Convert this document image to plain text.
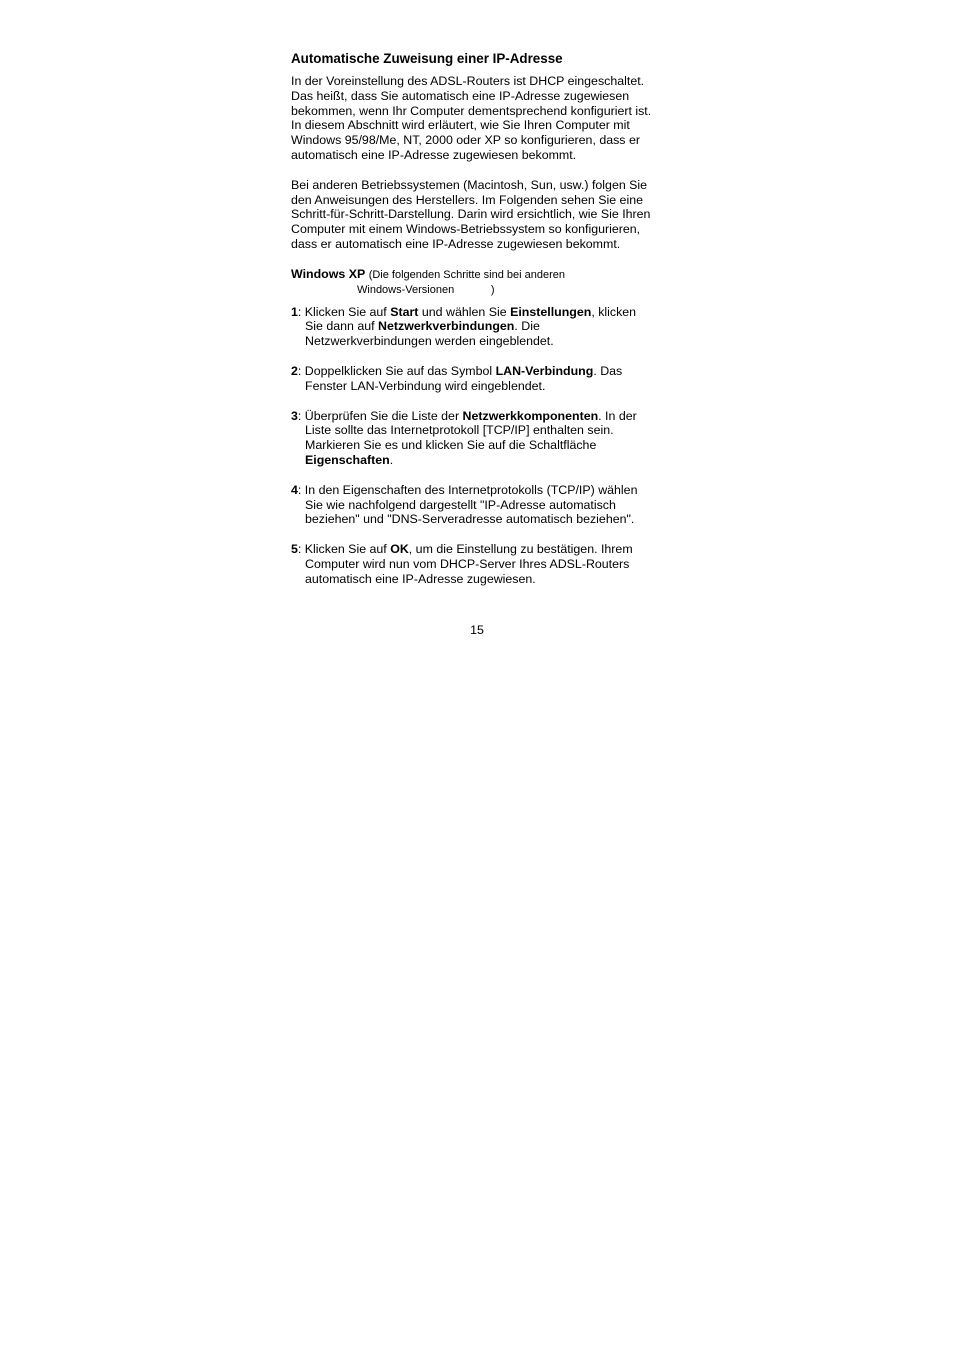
Automatische Zuweisung einer IP-Adresse
In der Voreinstellung des ADSL-Routers ist DHCP eingeschaltet.
Das heißt, dass Sie automatisch eine IP-Adresse zugewiesen
bekommen, wenn Ihr Computer dementsprechend konfiguriert ist.
In diesem Abschnitt wird erläutert, wie Sie Ihren Computer mit
Windows 95/98/Me, NT, 2000 oder XP so konfigurieren, dass er
automatisch eine IP-Adresse zugewiesen bekommt.
Bei anderen Betriebssystemen (Macintosh, Sun, usw.) folgen Sie
den Anweisungen des Herstellers. Im Folgenden sehen Sie eine
Schritt-für-Schritt-Darstellung. Darin wird ersichtlich, wie Sie Ihren
Computer mit einem Windows-Betriebssystem so konfigurieren,
dass er automatisch eine IP-Adresse zugewiesen bekommt.
Windows XP (Die folgenden Schritte sind bei anderen
Windows-Versionen            )
1: Klicken Sie auf Start und wählen Sie Einstellungen, klicken
Sie dann auf Netzwerkverbindungen. Die
Netzwerkverbindungen werden eingeblendet.
2: Doppelklicken Sie auf das Symbol LAN-Verbindung. Das
Fenster LAN-Verbindung wird eingeblendet.
3: Überprüfen Sie die Liste der Netzwerkkomponenten. In der
Liste sollte das Internetprotokoll [TCP/IP] enthalten sein.
Markieren Sie es und klicken Sie auf die Schaltfläche
Eigenschaften.
4: In den Eigenschaften des Internetprotokolls (TCP/IP) wählen
Sie wie nachfolgend dargestellt "IP-Adresse automatisch
beziehen" und "DNS-Serveradresse automatisch beziehen".
5: Klicken Sie auf OK, um die Einstellung zu bestätigen. Ihrem
Computer wird nun vom DHCP-Server Ihres ADSL-Routers
automatisch eine IP-Adresse zugewiesen.
15
